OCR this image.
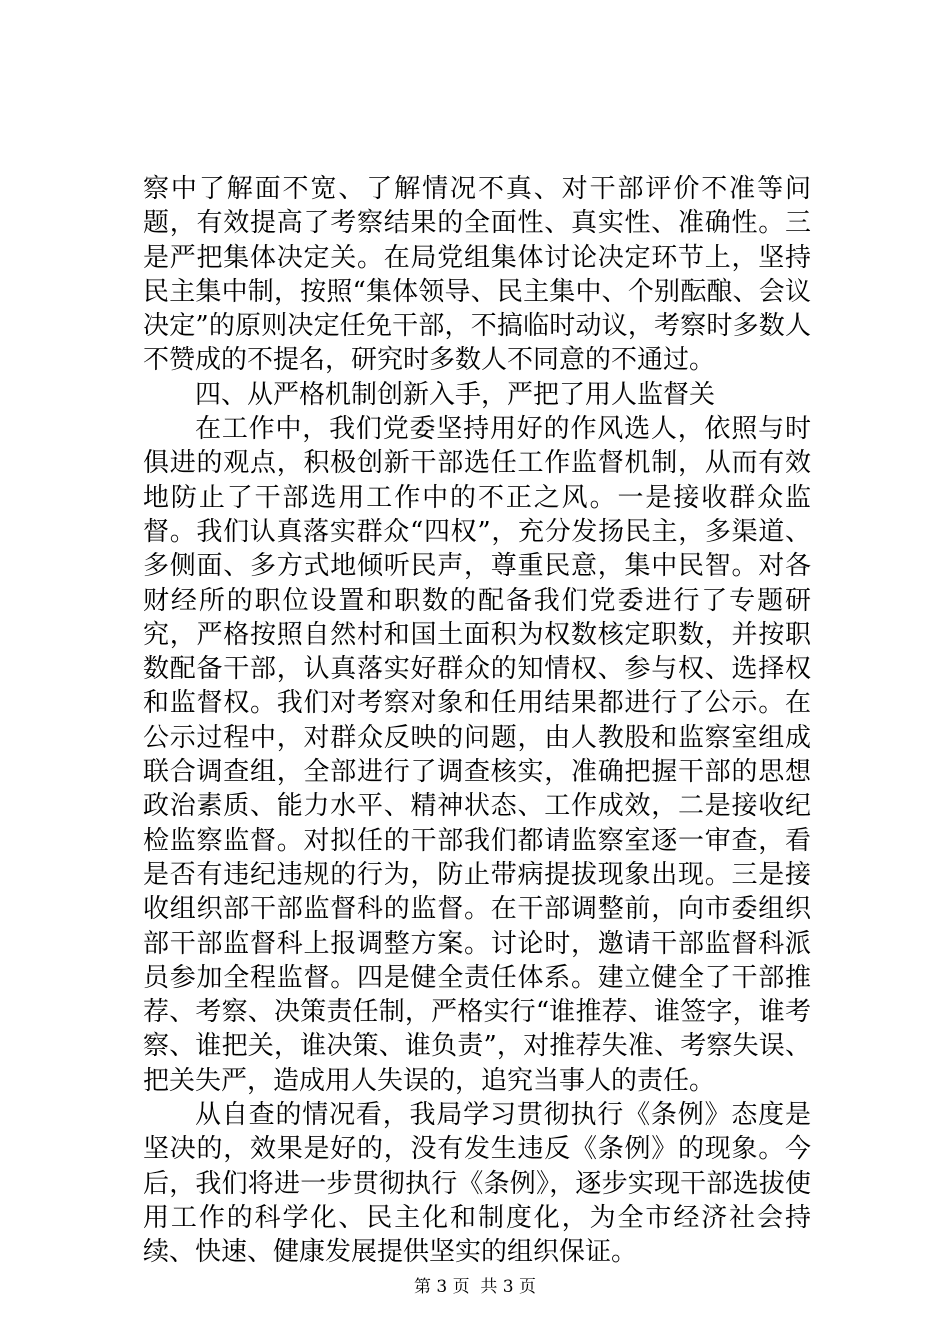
察中了解面不宽、了解情况不真、对干部评价不准等问题，有效提高了考察结果的全面性、真实性、准确性。三是严把集体决定关。在局党组集体讨论决定环节上，坚持民主集中制，按照“集体领导、民主集中、个别酝酿、会议决定”的原则决定任免干部，不搞临时动议，考察时多数人不赞成的不提名，研究时多数人不同意的不通过。

四、从严格机制创新入手，严把了用人监督关

在工作中，我们党委坚持用好的作风选人，依照与时俱进的观点，积极创新干部选任工作监督机制，从而有效地防止了干部选用工作中的不正之风。一是接收群众监督。我们认真落实群众“四权”，充分发扬民主，多渠道、多侧面、多方式地倾听民声，尊重民意，集中民智。对各财经所的职位设置和职数的配备我们党委进行了专题研究，严格按照自然村和国土面积为权数核定职数，并按职数配备干部，认真落实好群众的知情权、参与权、选择权和监督权。我们对考察对象和任用结果都进行了公示。在公示过程中，对群众反映的问题，由人教股和监察室组成联合调查组，全部进行了调查核实，准确把握干部的思想政治素质、能力水平、精神状态、工作成效，二是接收纪检监察监督。对拟任的干部我们都请监察室逐一审查，看是否有违纪违规的行为，防止带病提拔现象出现。三是接收组织部干部监督科的监督。在干部调整前，向市委组织部干部监督科上报调整方案。讨论时，邀请干部监督科派员参加全程监督。四是健全责任体系。建立健全了干部推荐、考察、决策责任制，严格实行“谁推荐、谁签字，谁考察、谁把关，谁决策、谁负责”，对推荐失准、考察失误、把关失严，造成用人失误的，追究当事人的责任。

从自查的情况看，我局学习贯彻执行《条例》态度是坚决的，效果是好的，没有发生违反《条例》的现象。今后，我们将进一步贯彻执行《条例》，逐步实现干部选拔使用工作的科学化、民主化和制度化，为全市经济社会持续、快速、健康发展提供坚实的组织保证。

第 3 页  共 3 页
